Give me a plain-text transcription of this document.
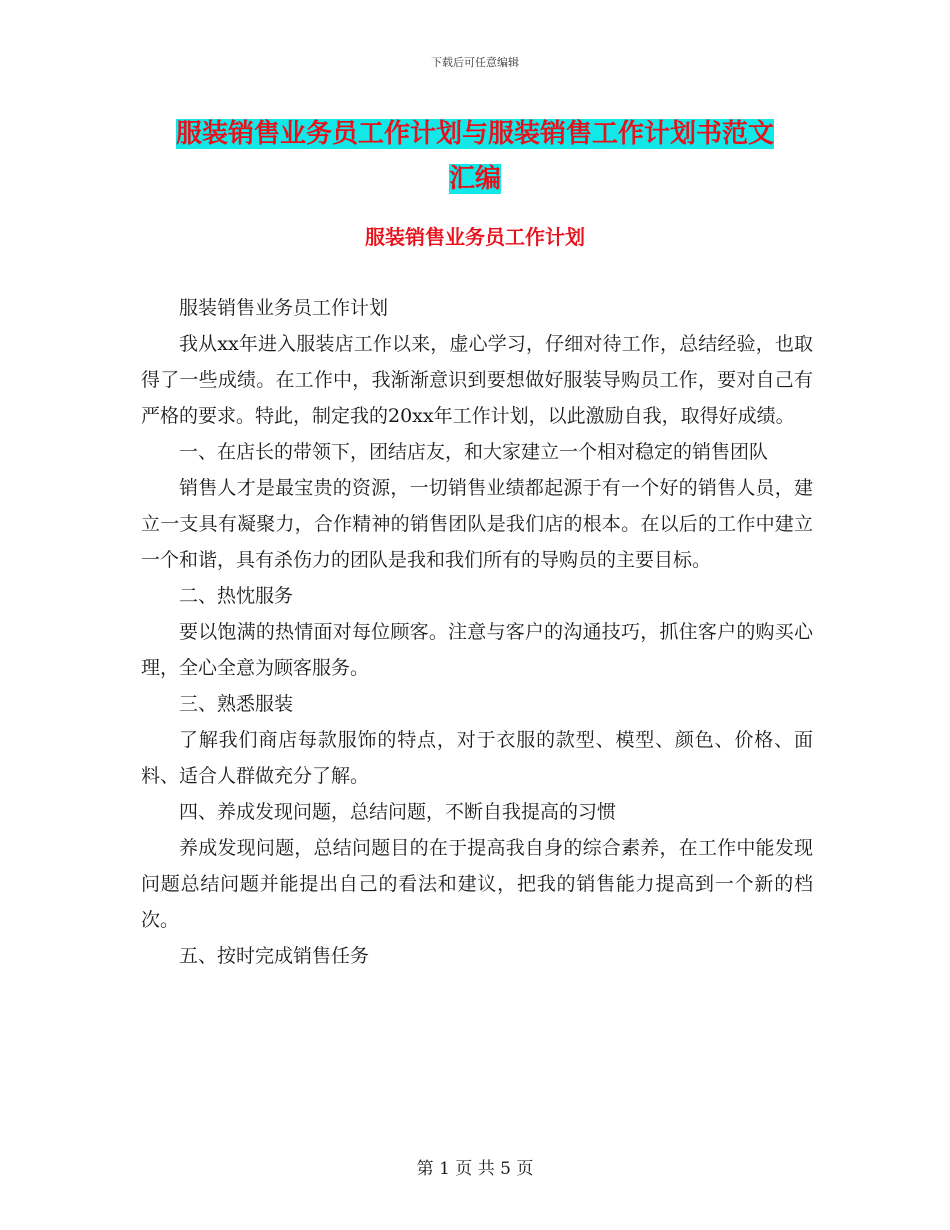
下载后可任意编辑
服装销售业务员工作计划与服装销售工作计划书范文
汇编
服装销售业务员工作计划

服装销售业务员工作计划

我从xx年进入服装店工作以来，虚心学习，仔细对待工作，总结经验，也取得了一些成绩。在工作中，我渐渐意识到要想做好服装导购员工作，要对自己有严格的要求。特此，制定我的20xx年工作计划，以此激励自我，取得好成绩。

一、在店长的带领下，团结店友，和大家建立一个相对稳定的销售团队

销售人才是最宝贵的资源，一切销售业绩都起源于有一个好的销售人员，建立一支具有凝聚力，合作精神的销售团队是我们店的根本。在以后的工作中建立一个和谐，具有杀伤力的团队是我和我们所有的导购员的主要目标。

二、热忱服务

要以饱满的热情面对每位顾客。注意与客户的沟通技巧，抓住客户的购买心理，全心全意为顾客服务。

三、熟悉服装

了解我们商店每款服饰的特点，对于衣服的款型、模型、颜色、价格、面料、适合人群做充分了解。

四、养成发现问题，总结问题，不断自我提高的习惯

养成发现问题，总结问题目的在于提高我自身的综合素养，在工作中能发现问题总结问题并能提出自己的看法和建议，把我的销售能力提高到一个新的档次。

五、按时完成销售任务

第 1 页 共 5 页
